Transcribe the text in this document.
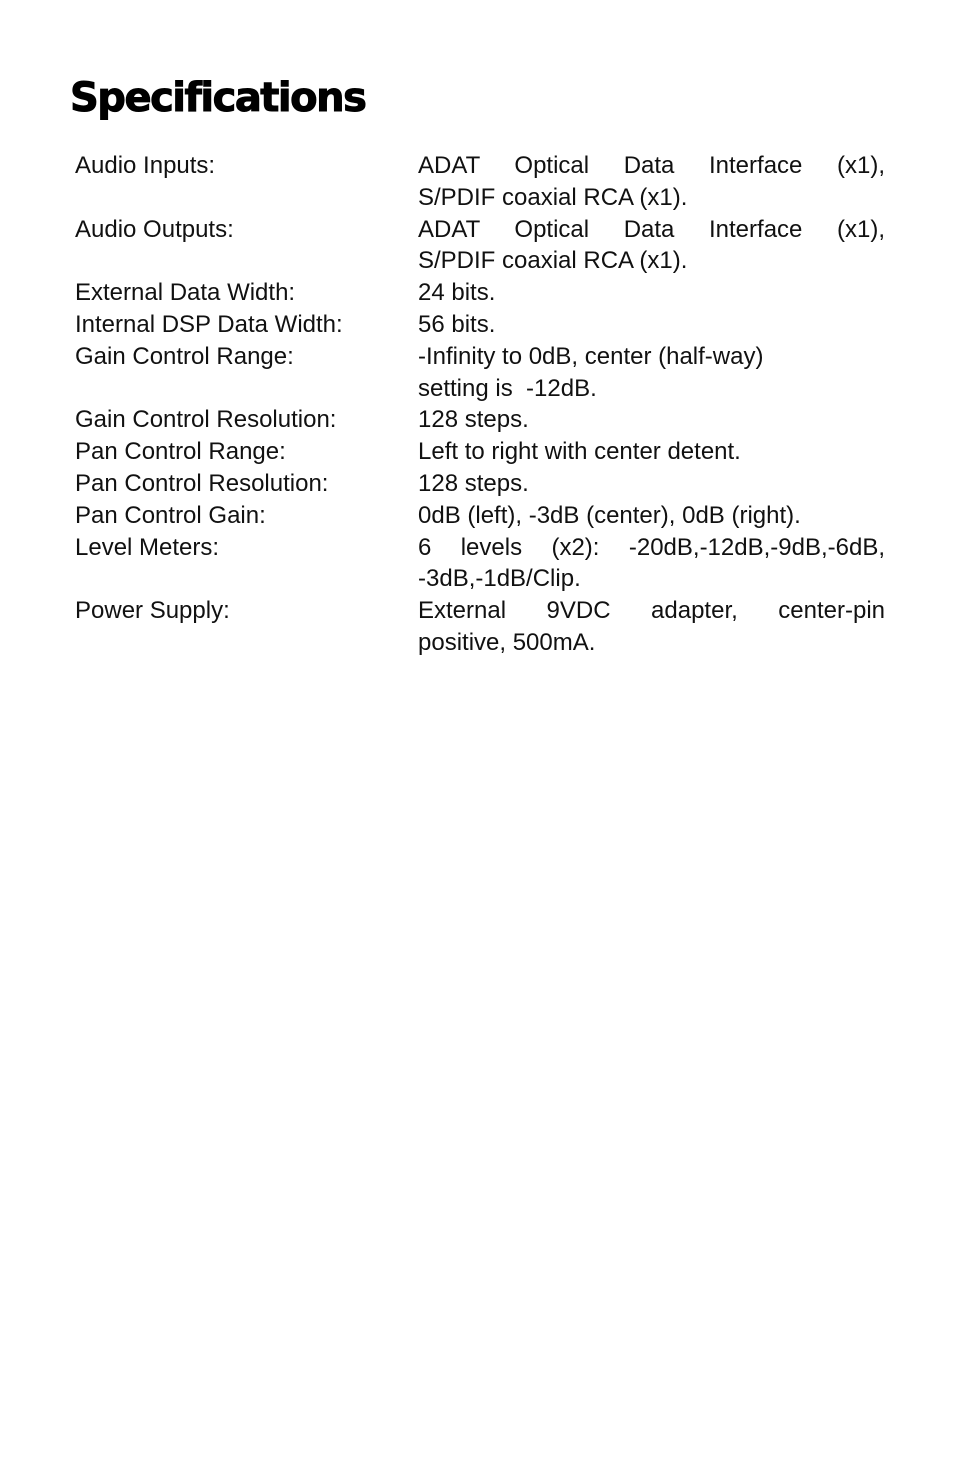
Specifications
Audio Inputs:	ADAT Optical Data Interface (x1),
S/PDIF coaxial RCA (x1).
Audio Outputs:	ADAT Optical Data Interface (x1),
S/PDIF coaxial RCA (x1).
External Data Width:	24 bits.
Internal DSP Data Width:	56 bits.
Gain Control Range:	-Infinity to 0dB, center (half-way)
setting is  -12dB.
Gain Control Resolution:	128 steps.
Pan Control Range:	Left to right with center detent.
Pan Control Resolution:	128 steps.
Pan Control Gain:	0dB (left), -3dB (center), 0dB (right).
Level Meters:	6 levels (x2): -20dB,-12dB,-9dB,-6dB,
-3dB,-1dB/Clip.
Power Supply:	External 9VDC adapter, center-pin
positive, 500mA.
